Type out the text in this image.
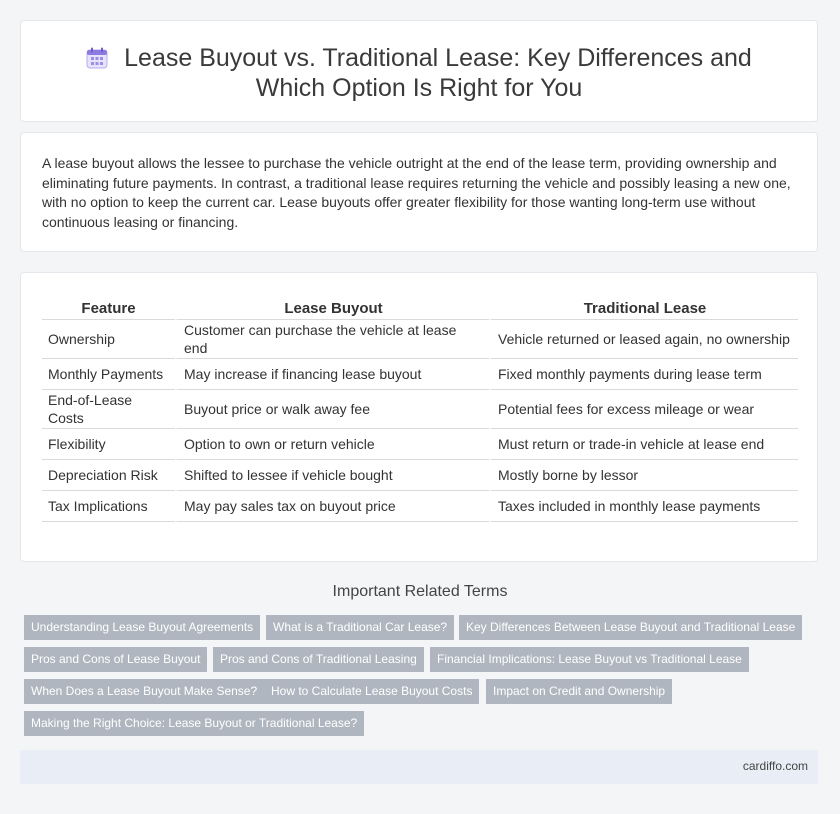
Lease Buyout vs. Traditional Lease: Key Differences and Which Option Is Right for You

A lease buyout allows the lessee to purchase the vehicle outright at the end of the lease term, providing ownership and eliminating future payments. In contrast, a traditional lease requires returning the vehicle and possibly leasing a new one, with no option to keep the current car. Lease buyouts offer greater flexibility for those wanting long-term use without continuous leasing or financing.

Feature	Lease Buyout	Traditional Lease
Ownership	Customer can purchase the vehicle at lease end	Vehicle returned or leased again, no ownership
Monthly Payments	May increase if financing lease buyout	Fixed monthly payments during lease term
End-of-Lease Costs	Buyout price or walk away fee	Potential fees for excess mileage or wear
Flexibility	Option to own or return vehicle	Must return or trade-in vehicle at lease end
Depreciation Risk	Shifted to lessee if vehicle bought	Mostly borne by lessor
Tax Implications	May pay sales tax on buyout price	Taxes included in monthly lease payments
Important Related Terms
Understanding Lease Buyout Agreements	What is a Traditional Car Lease?	Key Differences Between Lease Buyout and Traditional Lease
Pros and Cons of Lease Buyout	Pros and Cons of Traditional Leasing	Financial Implications: Lease Buyout vs Traditional Lease
When Does a Lease Buyout Make Sense?	How to Calculate Lease Buyout Costs	Impact on Credit and Ownership
Making the Right Choice: Lease Buyout or Traditional Lease?
cardiffo.com
